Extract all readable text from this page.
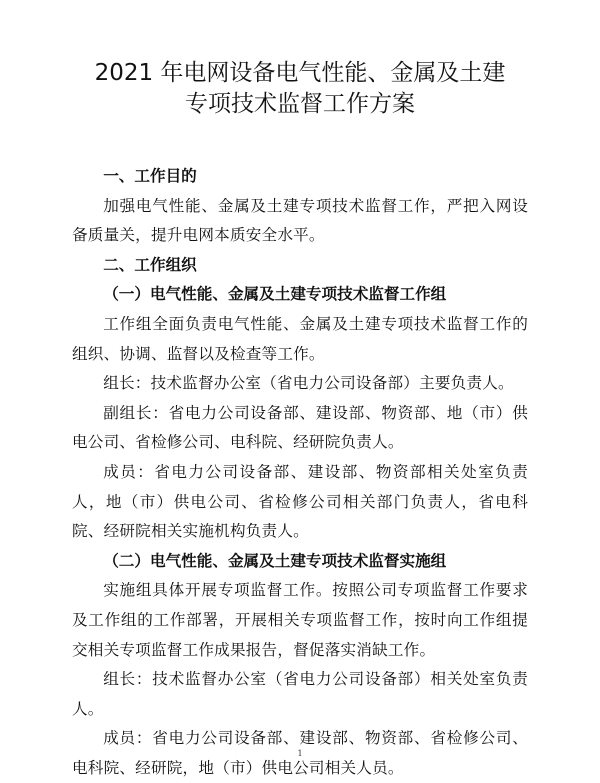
2021 年电网设备电气性能、金属及土建
专项技术监督工作方案

一、工作目的

加强电气性能、金属及土建专项技术监督工作，严把入网设备质量关，提升电网本质安全水平。

二、工作组织

（一）电气性能、金属及土建专项技术监督工作组

工作组全面负责电气性能、金属及土建专项技术监督工作的组织、协调、监督以及检查等工作。

组长：技术监督办公室（省电力公司设备部）主要负责人。

副组长：省电力公司设备部、建设部、物资部、地（市）供电公司、省检修公司、电科院、经研院负责人。

成员：省电力公司设备部、建设部、物资部相关处室负责人，地（市）供电公司、省检修公司相关部门负责人，省电科院、经研院相关实施机构负责人。

（二）电气性能、金属及土建专项技术监督实施组

实施组具体开展专项监督工作。按照公司专项监督工作要求及工作组的工作部署，开展相关专项监督工作，按时向工作组提交相关专项监督工作成果报告，督促落实消缺工作。

组长：技术监督办公室（省电力公司设备部）相关处室负责人。

成员：省电力公司设备部、建设部、物资部、省检修公司、电科院、经研院，地（市）供电公司相关人员。

1
